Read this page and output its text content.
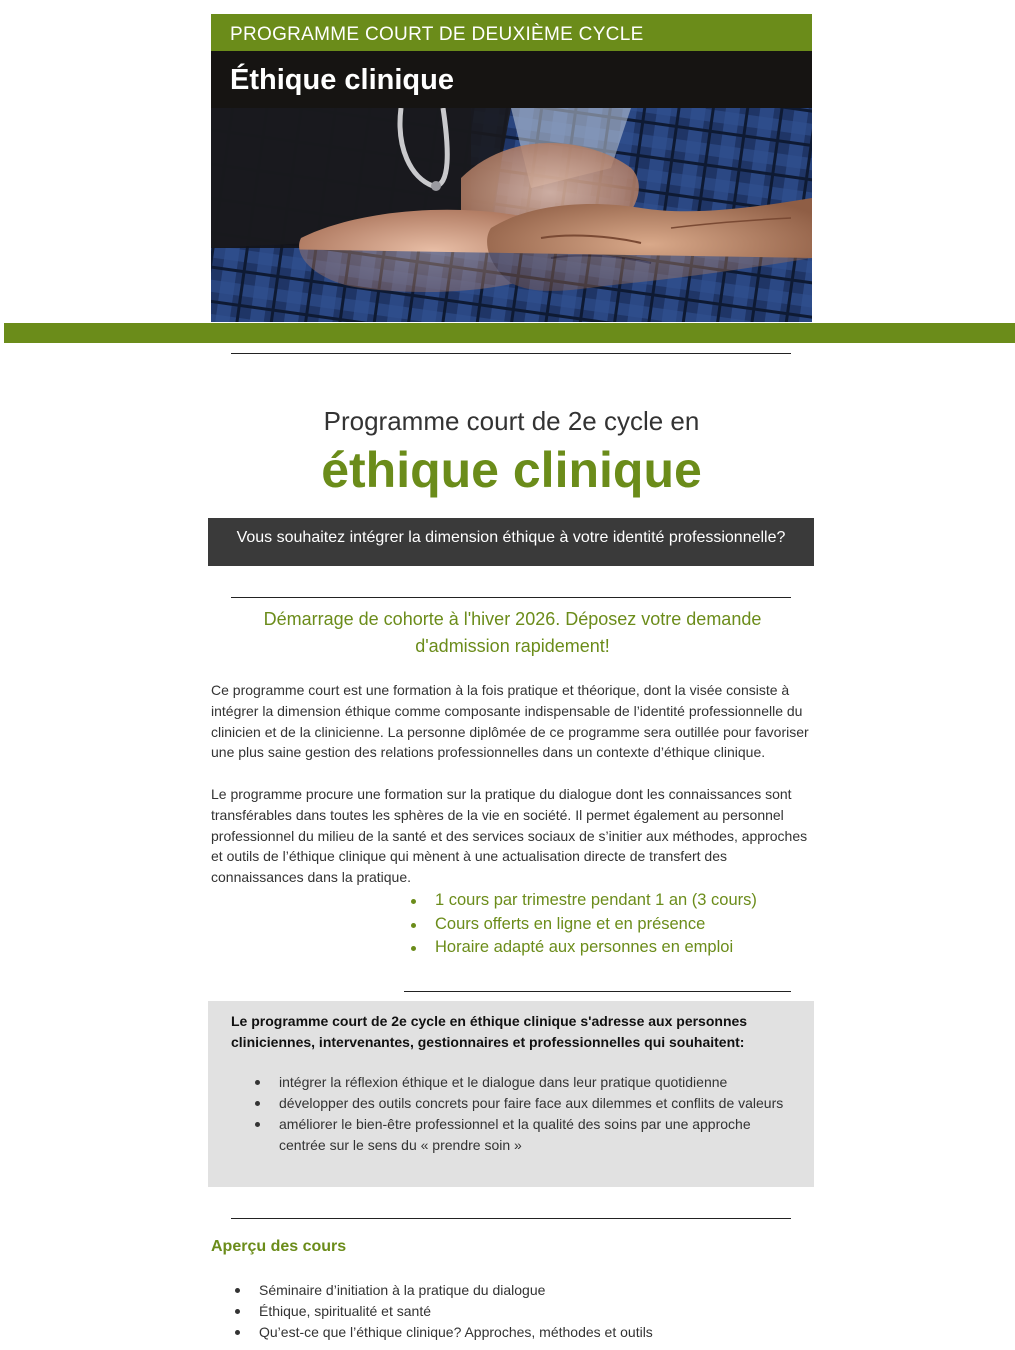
PROGRAMME COURT DE DEUXIÈME CYCLE
Éthique clinique
Programme court de 2e cycle en
éthique clinique
Vous souhaitez intégrer la dimension éthique à votre identité professionnelle?
Démarrage de cohorte à l'hiver 2026. Déposez votre demande d'admission rapidement!
Ce programme court est une formation à la fois pratique et théorique, dont la visée consiste à intégrer la dimension éthique comme composante indispensable de l’identité professionnelle du clinicien et de la clinicienne. La personne diplômée de ce programme sera outillée pour favoriser une plus saine gestion des relations professionnelles dans un contexte d’éthique clinique.
Le programme procure une formation sur la pratique du dialogue dont les connaissances sont transférables dans toutes les sphères de la vie en société. Il permet également au personnel professionnel du milieu de la santé et des services sociaux de s’initier aux méthodes, approches et outils de l’éthique clinique qui mènent à une actualisation directe de transfert des connaissances dans la pratique.
1 cours par trimestre pendant 1 an (3 cours)
Cours offerts en ligne et en présence
Horaire adapté aux personnes en emploi
Le programme court de 2e cycle en éthique clinique s'adresse aux personnes cliniciennes, intervenantes, gestionnaires et professionnelles qui souhaitent:
intégrer la réflexion éthique et le dialogue dans leur pratique quotidienne
développer des outils concrets pour faire face aux dilemmes et conflits de valeurs
améliorer le bien-être professionnel et la qualité des soins par une approche centrée sur le sens du « prendre soin »
Aperçu des cours
Séminaire d’initiation à la pratique du dialogue
Éthique, spiritualité et santé
Qu’est-ce que l’éthique clinique? Approches, méthodes et outils
